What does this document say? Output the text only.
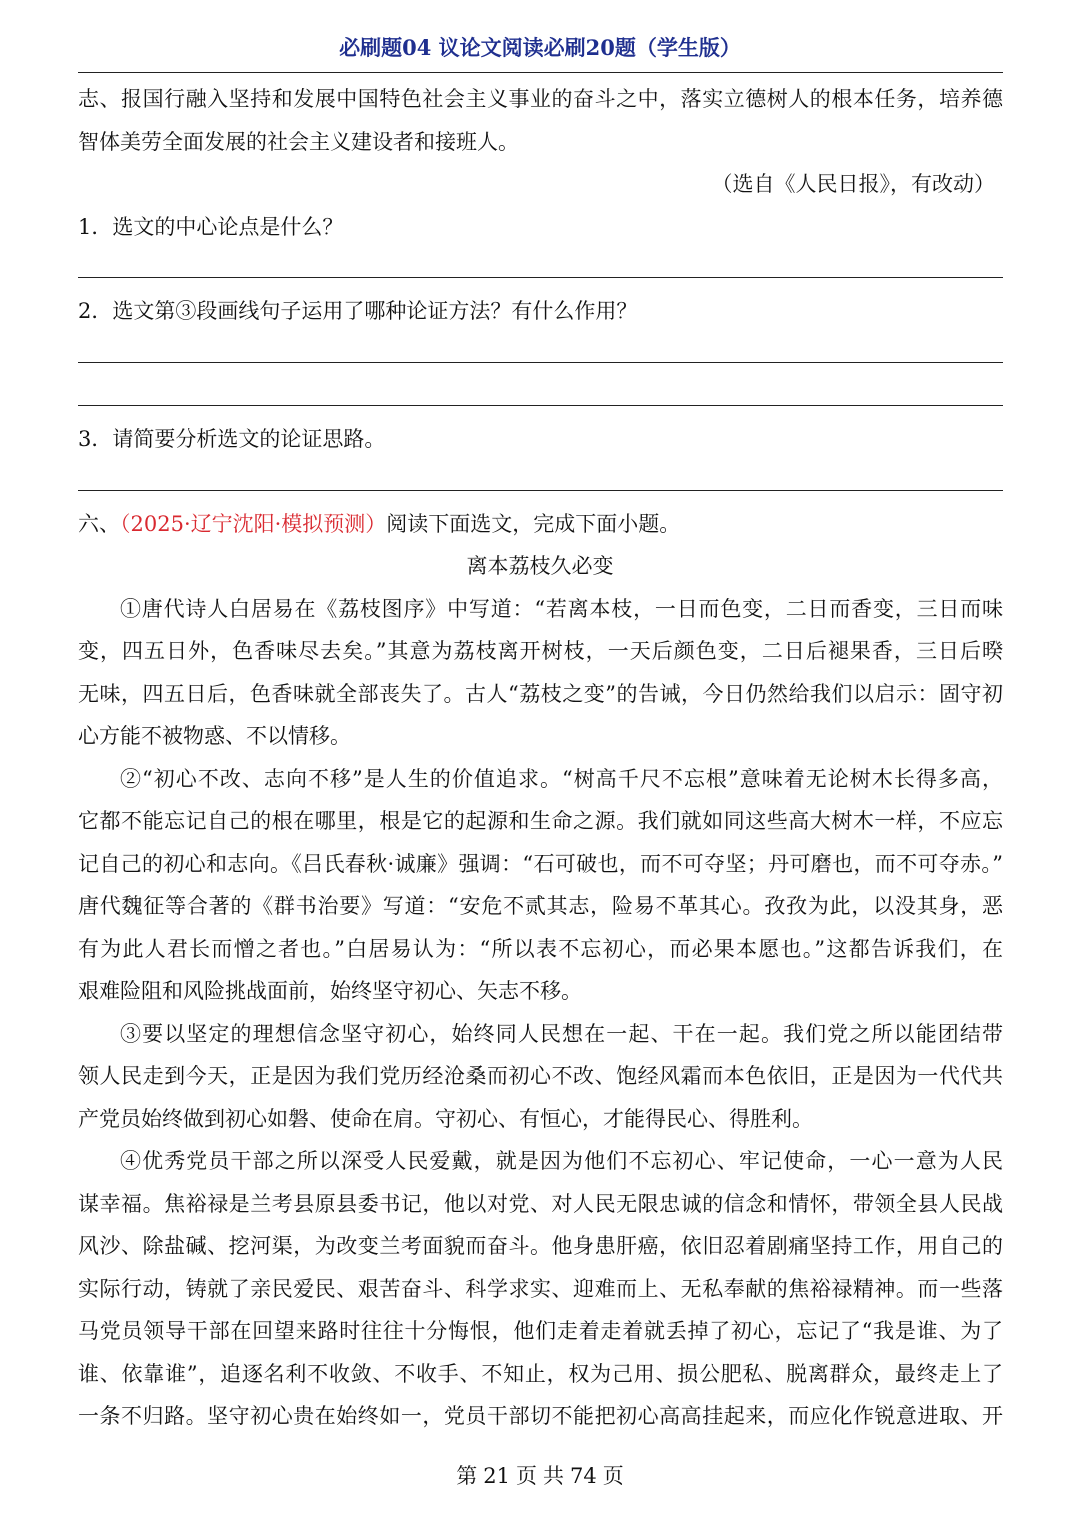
必刷题04 议论文阅读必刷20题（学生版）
志、报国行融入坚持和发展中国特色社会主义事业的奋斗之中，落实立德树人的根本任务，培养德
智体美劳全面发展的社会主义建设者和接班人。
（选自《人民日报》，有改动）
1．选文的中心论点是什么？
2．选文第③段画线句子运用了哪种论证方法？有什么作用？
3．请简要分析选文的论证思路。
六、（2025·辽宁沈阳·模拟预测）阅读下面选文，完成下面小题。
离本荔枝久必变
①唐代诗人白居易在《荔枝图序》中写道：“若离本枝，一日而色变，二日而香变，三日而味
变，四五日外，色香味尽去矣。”其意为荔枝离开树枝，一天后颜色变，二日后褪果香，三日后暌
无味，四五日后，色香味就全部丧失了。古人“荔枝之变”的告诫，今日仍然给我们以启示：固守初
心方能不被物惑、不以情移。
②“初心不改、志向不移”是人生的价值追求。“树高千尺不忘根”意味着无论树木长得多高，
它都不能忘记自己的根在哪里，根是它的起源和生命之源。我们就如同这些高大树木一样，不应忘
记自己的初心和志向。《吕氏春秋·诚廉》强调：“石可破也，而不可夺坚；丹可磨也，而不可夺赤。”
唐代魏征等合著的《群书治要》写道：“安危不贰其志，险易不革其心。孜孜为此，以没其身，恶
有为此人君长而憎之者也。”白居易认为：“所以表不忘初心，而必果本愿也。”这都告诉我们，在
艰难险阻和风险挑战面前，始终坚守初心、矢志不移。
③要以坚定的理想信念坚守初心，始终同人民想在一起、干在一起。我们党之所以能团结带
领人民走到今天，正是因为我们党历经沧桑而初心不改、饱经风霜而本色依旧，正是因为一代代共
产党员始终做到初心如磐、使命在肩。守初心、有恒心，才能得民心、得胜利。
④优秀党员干部之所以深受人民爱戴，就是因为他们不忘初心、牢记使命，一心一意为人民
谋幸福。焦裕禄是兰考县原县委书记，他以对党、对人民无限忠诚的信念和情怀，带领全县人民战
风沙、除盐碱、挖河渠，为改变兰考面貌而奋斗。他身患肝癌，依旧忍着剧痛坚持工作，用自己的
实际行动，铸就了亲民爱民、艰苦奋斗、科学求实、迎难而上、无私奉献的焦裕禄精神。而一些落
马党员领导干部在回望来路时往往十分悔恨，他们走着走着就丢掉了初心，忘记了“我是谁、为了
谁、依靠谁”，追逐名利不收敛、不收手、不知止，权为己用、损公肥私、脱离群众，最终走上了
一条不归路。坚守初心贵在始终如一，党员干部切不能把初心高高挂起来，而应化作锐意进取、开
第 21 页 共 74 页
